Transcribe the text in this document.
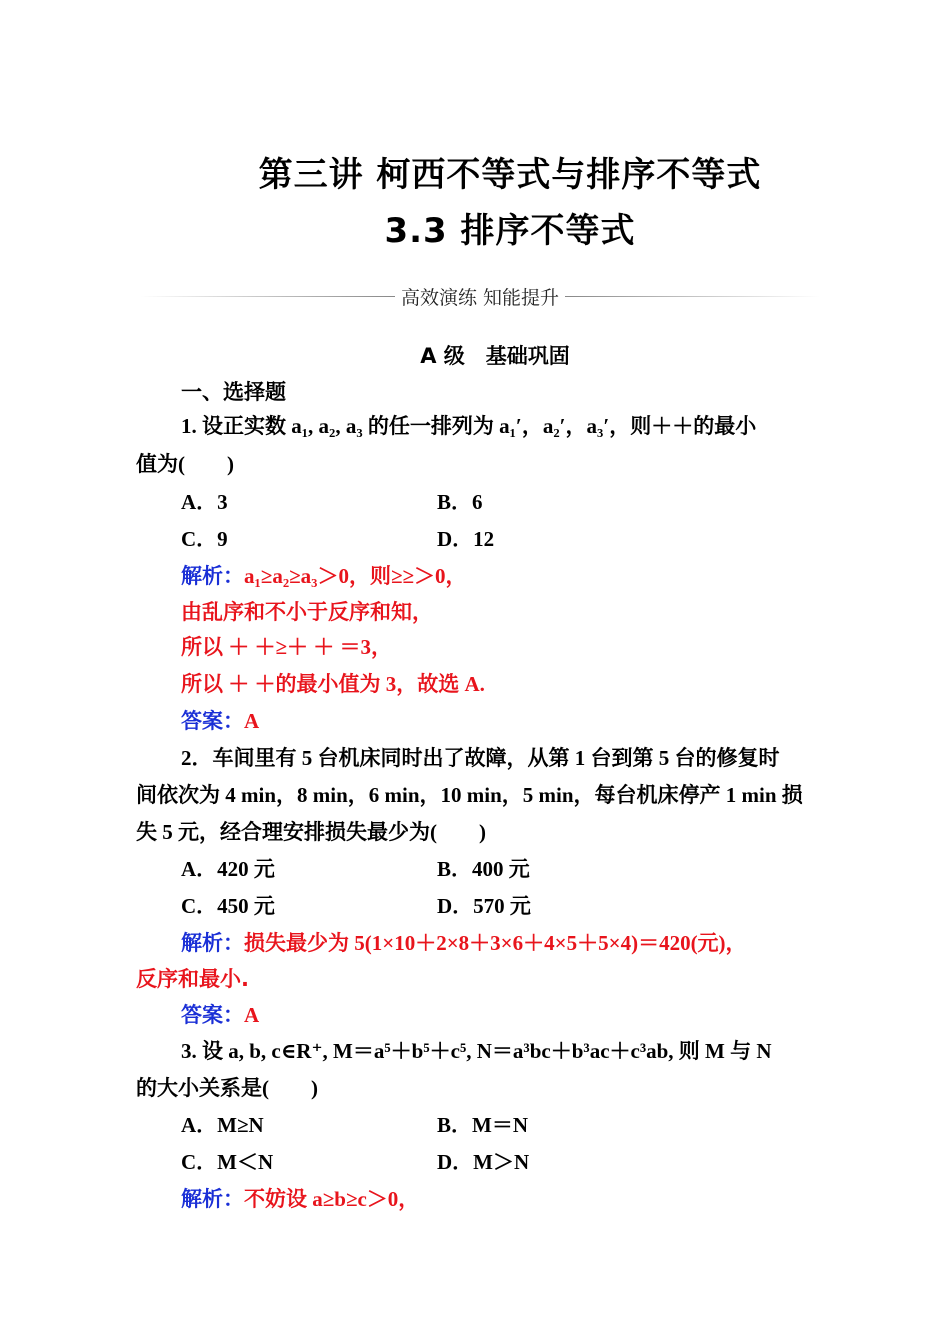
第三讲 柯西不等式与排序不等式
3.3 排序不等式
高效演练 知能提升
A 级　基础巩固
一、选择题
1. 设正实数 a₁, a₂, a₃ 的任一排列为 a₁′，a₂′，a₃′，则＋＋的最小
值为(　　)
A．3	B．6
C．9	D．12
解析：a₁≥a₂≥a₃＞0，则≥≥＞0，
由乱序和不小于反序和知，
所以 ＋ ＋≥＋ ＋ ＝3，
所以 ＋ ＋的最小值为 3，故选 A.
答案：A
2．车间里有 5 台机床同时出了故障，从第 1 台到第 5 台的修复时
间依次为 4 min，8 min，6 min，10 min，5 min，每台机床停产 1 min 损
失 5 元，经合理安排损失最少为(　　)
A．420 元	B．400 元
C．450 元	D．570 元
解析：损失最少为 5(1×10＋2×8＋3×6＋4×5＋5×4)＝420(元)，
反序和最小.
答案：A
3. 设 a, b, c∈R⁺, M＝a⁵＋b⁵＋c⁵, N＝a³bc＋b³ac＋c³ab, 则 M 与 N
的大小关系是(　　)
A．M≥N	B．M＝N
C．M＜N	D．M＞N
解析：不妨设 a≥b≥c＞0，
